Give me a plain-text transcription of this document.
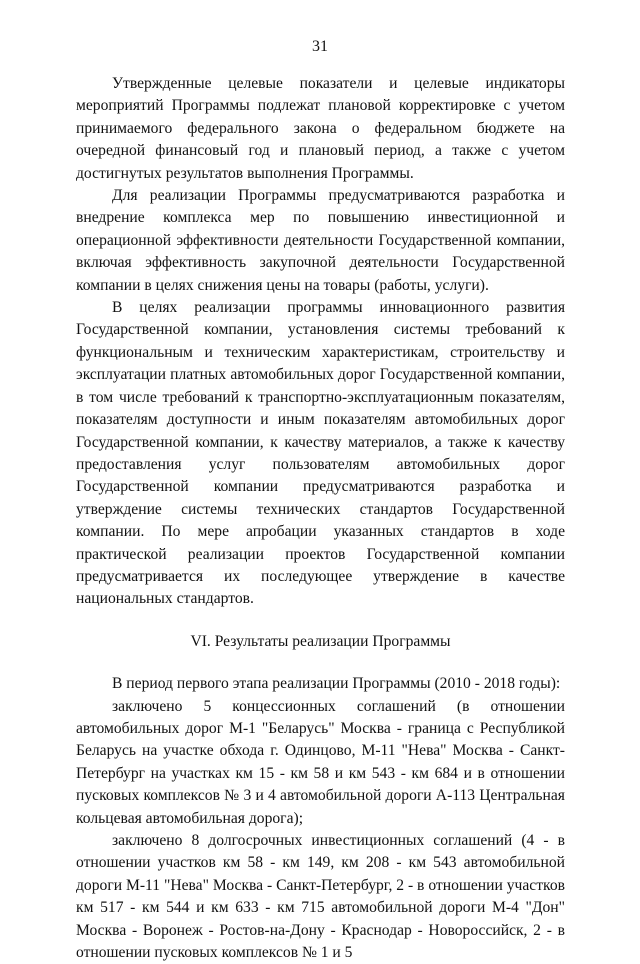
31

Утвержденные целевые показатели и целевые индикаторы мероприятий Программы подлежат плановой корректировке с учетом принимаемого федерального закона о федеральном бюджете на очередной финансовый год и плановый период, а также с учетом достигнутых результатов выполнения Программы.

Для реализации Программы предусматриваются разработка и внедрение комплекса мер по повышению инвестиционной и операционной эффективности деятельности Государственной компании, включая эффективность закупочной деятельности Государственной компании в целях снижения цены на товары (работы, услуги).

В целях реализации программы инновационного развития Государственной компании, установления системы требований к функциональным и техническим характеристикам, строительству и эксплуатации платных автомобильных дорог Государственной компании, в том числе требований к транспортно-эксплуатационным показателям, показателям доступности и иным показателям автомобильных дорог Государственной компании, к качеству материалов, а также к качеству предоставления услуг пользователям автомобильных дорог Государственной компании предусматриваются разработка и утверждение системы технических стандартов Государственной компании. По мере апробации указанных стандартов в ходе практической реализации проектов Государственной компании предусматривается их последующее утверждение в качестве национальных стандартов.

VI. Результаты реализации Программы

В период первого этапа реализации Программы (2010 - 2018 годы):

заключено 5 концессионных соглашений (в отношении автомобильных дорог М-1 "Беларусь" Москва - граница с Республикой Беларусь на участке обхода г. Одинцово, М-11 "Нева" Москва - Санкт-Петербург на участках км 15 - км 58 и км 543 - км 684 и в отношении пусковых комплексов № 3 и 4 автомобильной дороги А-113 Центральная кольцевая автомобильная дорога);

заключено 8 долгосрочных инвестиционных соглашений (4 - в отношении участков км 58 - км 149, км 208 - км 543 автомобильной дороги М-11 "Нева" Москва - Санкт-Петербург, 2 - в отношении участков км 517 - км 544 и км 633 - км 715 автомобильной дороги М-4 "Дон" Москва - Воронеж - Ростов-на-Дону - Краснодар - Новороссийск, 2 - в отношении пусковых комплексов № 1 и 5
